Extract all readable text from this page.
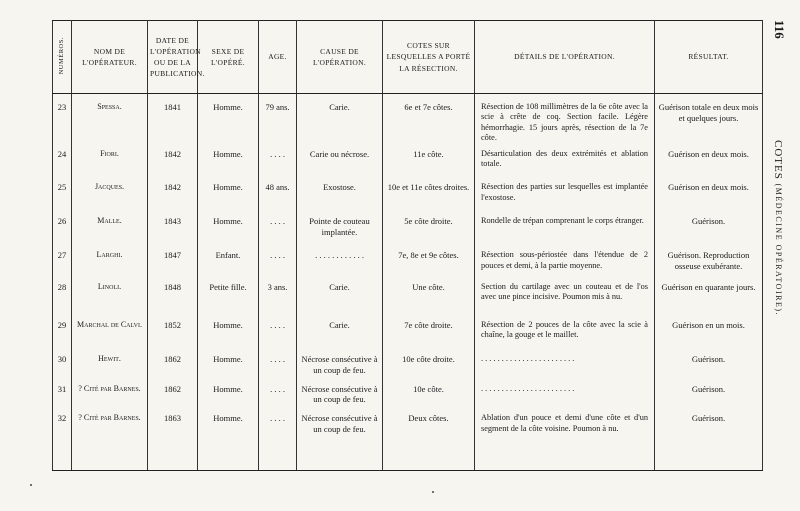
NUMÉROS.	NOM DE L'OPÉRATEUR.	DATE DE L'OPÉRATION OU DE LA PUBLICATION.	SEXE DE L'OPÉRÉ.	AGE.	CAUSE DE L'OPÉRATION.	COTES SUR LESQUELLES A PORTÉ LA RÉSECTION.	DÉTAILS DE L'OPÉRATION.	RÉSULTAT.
23	Spessa.	1841	Homme.	79 ans.	Carie.	6e et 7e côtes.	Résection de 108 millimètres de la 6e côte avec la scie à crête de coq. Section facile. Légère hémorrhagie. 15 jours après, résection de la 7e côte.	Guérison totale en deux mois et quelques jours.
24	Fiori.	1842	Homme.	. . . .	Carie ou nécrose.	11e côte.	Désarticulation des deux extrémités et ablation totale.	Guérison en deux mois.
25	Jacques.	1842	Homme.	48 ans.	Exostose.	10e et 11e côtes droites.	Résection des parties sur lesquelles est implantée l'exostose.	Guérison en deux mois.
26	Malle.	1843	Homme.	. . . .	Pointe de couteau implantée.	5e côte droite.	Rondelle de trépan comprenant le corps étranger.	Guérison.
27	Larghi.	1847	Enfant.	. . . .	. . . . . . . . . . . .	7e, 8e et 9e côtes.	Résection sous-périostée dans l'étendue de 2 pouces et demi, à la partie moyenne.	Guérison. Reproduction osseuse exubérante.
28	Linoli.	1848	Petite fille.	3 ans.	Carie.	Une côte.	Section du cartilage avec un couteau et de l'os avec une pince incisive. Poumon mis à nu.	Guérison en quarante jours.
29	Marchal de Calvi.	1852	Homme.	. . . .	Carie.	7e côte droite.	Résection de 2 pouces de la côte avec la scie à chaîne, la gouge et le maillet.	Guérison en un mois.
30	Hewit.	1862	Homme.	. . . .	Nécrose consécutive à un coup de feu.	10e côte droite.	. . . . . . . . . . . . . . . . . . . . . . .	Guérison.
31	? Cité par Barnes.	1862	Homme.	. . . .	Nécrose consécutive à un coup de feu.	10e côte.	. . . . . . . . . . . . . . . . . . . . . . .	Guérison.
32	? Cité par Barnes.	1863	Homme.	. . . .	Nécrose consécutive à un coup de feu.	Deux côtes.	Ablation d'un pouce et demi d'une côte et d'un segment de la côte voisine. Poumon à nu.	Guérison.
116
COTES (MÉDECINE OPÉRATOIRE).
